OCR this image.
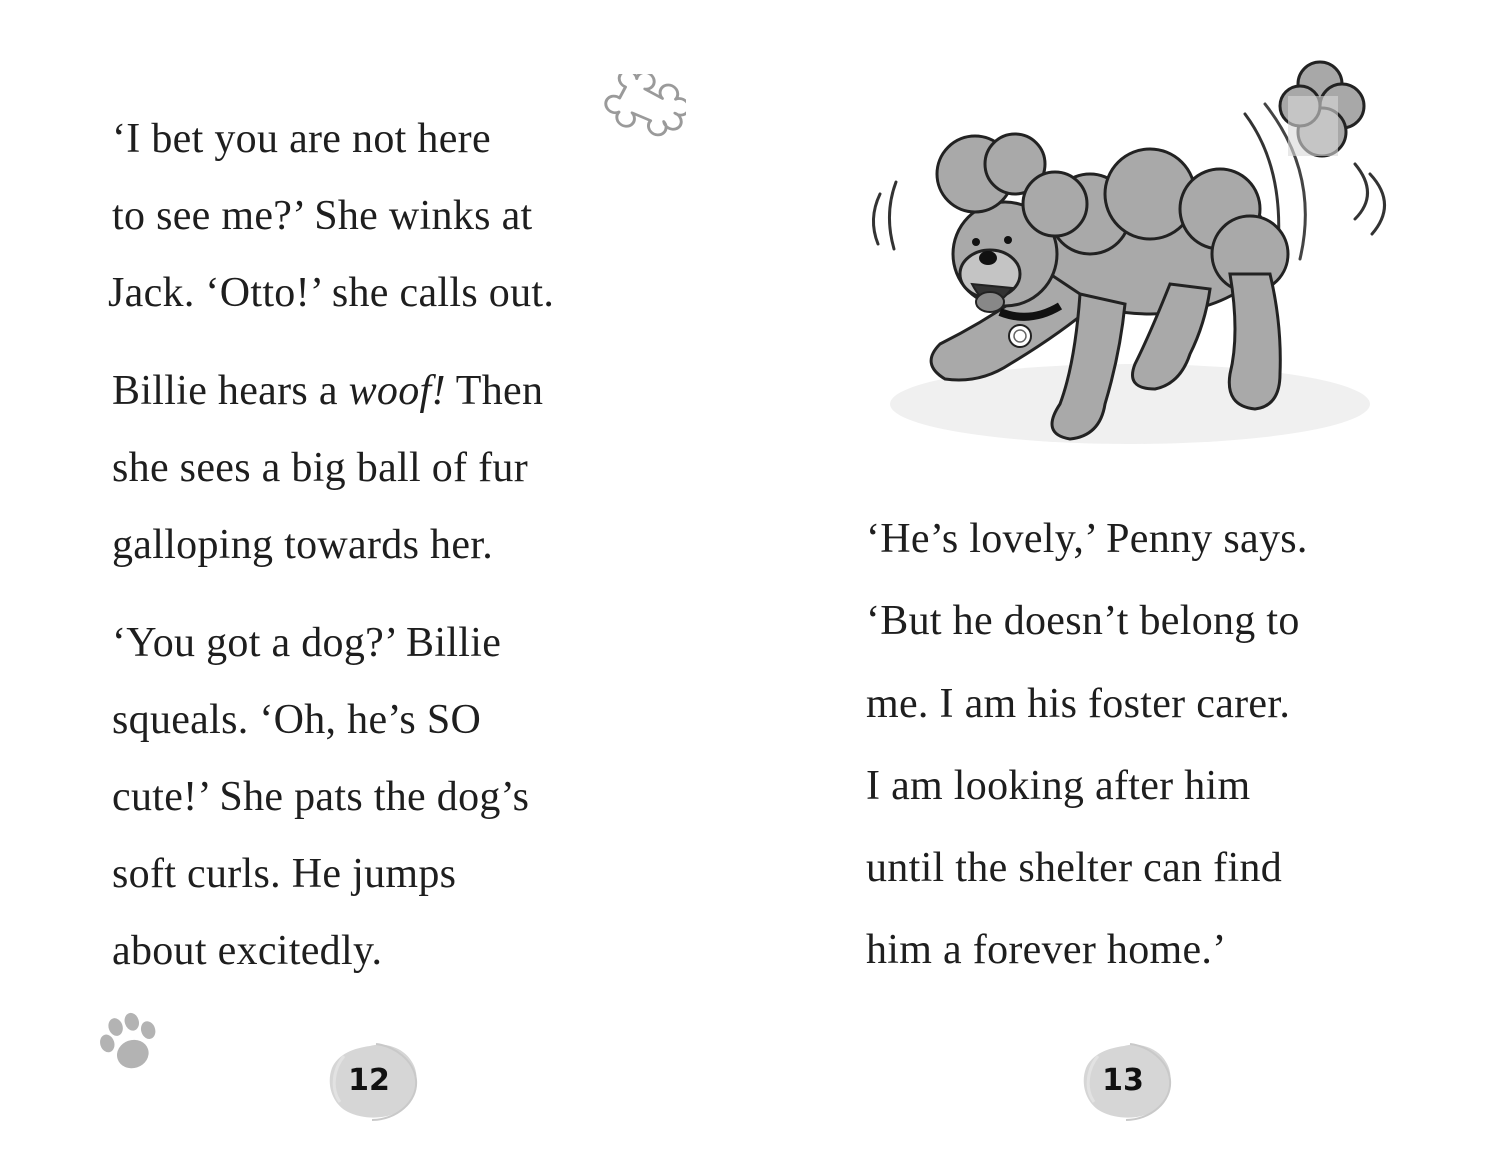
‘I bet you are not here
to see me?’ She winks at
Jack. ‘Otto!’ she calls out.
Billie hears a woof! Then
she sees a big ball of fur
galloping towards her.
‘You got a dog?’ Billie
squeals. ‘Oh, he’s SO
cute!’ She pats the dog’s
soft curls. He jumps
about excitedly.
12
‘He’s lovely,’ Penny says.
‘But he doesn’t belong to
me. I am his foster carer.
I am looking after him
until the shelter can find
him a forever home.’
13
